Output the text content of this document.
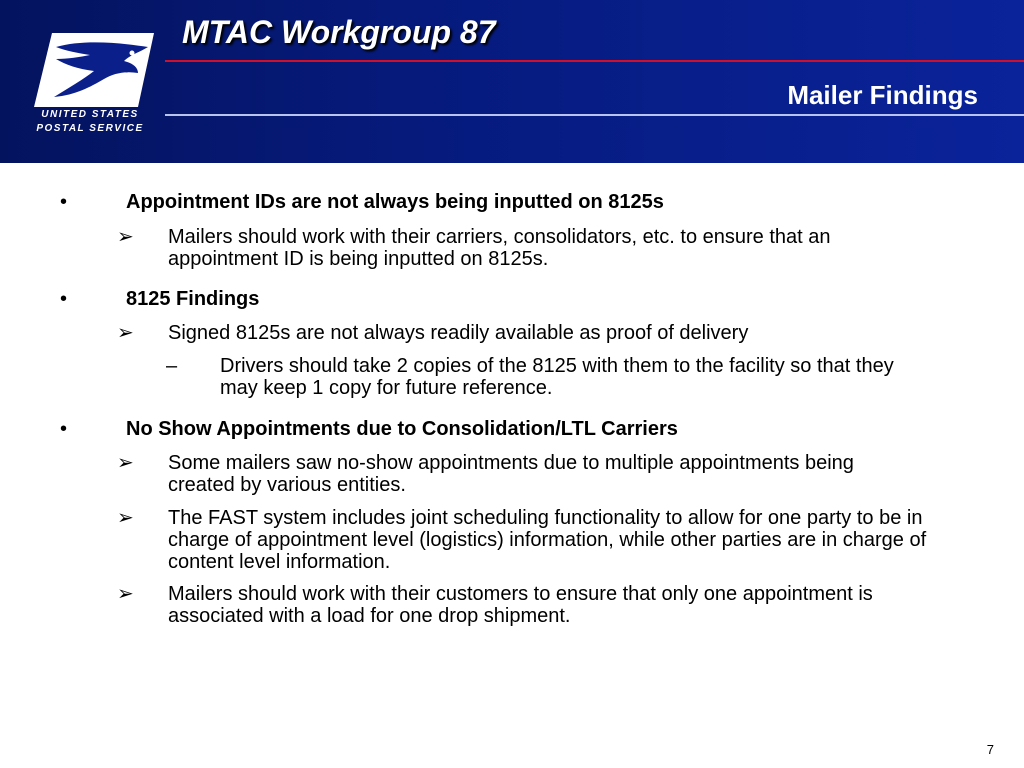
UNITED STATES
POSTAL SERVICE
MTAC Workgroup 87
Mailer Findings
•	Appointment IDs are not always being inputted on 8125s
➢ Mailers should work with their carriers, consolidators, etc. to ensure that an appointment ID is being inputted on 8125s.
•	8125 Findings
➢ Signed 8125s are not always readily available as proof of delivery
– Drivers should take 2 copies of the 8125 with them to the facility so that they may keep 1 copy for future reference.
•	No Show Appointments due to Consolidation/LTL Carriers
➢ Some mailers saw no-show appointments due to multiple appointments being created by various entities.
➢ The FAST system includes joint scheduling functionality to allow for one party to be in charge of appointment level (logistics) information, while other parties are in charge of content level information.
➢ Mailers should work with their customers to ensure that only one appointment is associated with a load for one drop shipment.
7
